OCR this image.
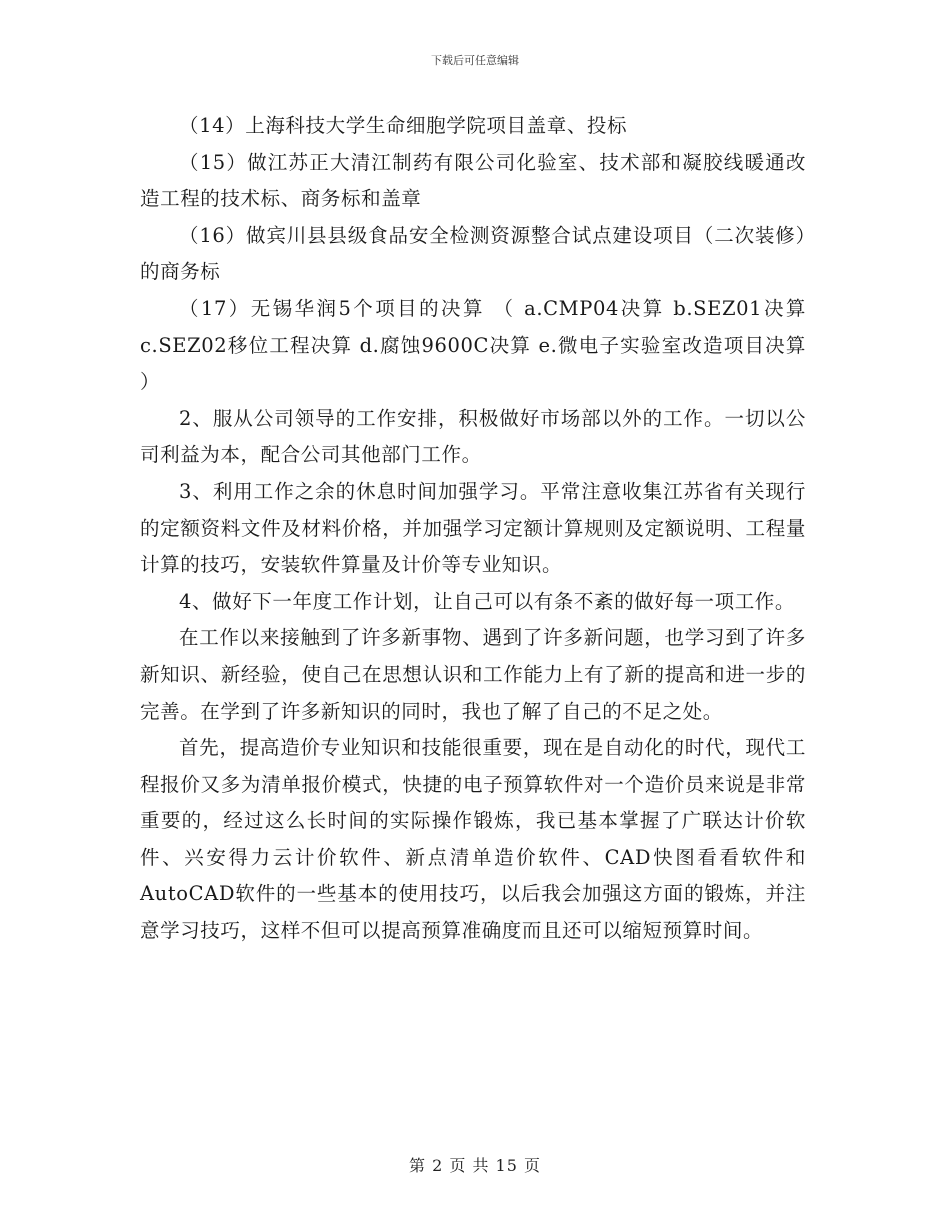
下载后可任意编辑

（14）上海科技大学生命细胞学院项目盖章、投标

（15）做江苏正大清江制药有限公司化验室、技术部和凝胶线暖通改造工程的技术标、商务标和盖章

（16）做宾川县县级食品安全检测资源整合试点建设项目（二次装修）的商务标

（17）无锡华润5个项目的决算 （ a.CMP04决算 b.SEZ01决算 c.SEZ02移位工程决算 d.腐蚀9600C决算 e.微电子实验室改造项目决算 ）

2、服从公司领导的工作安排，积极做好市场部以外的工作。一切以公司利益为本，配合公司其他部门工作。

3、利用工作之余的休息时间加强学习。平常注意收集江苏省有关现行的定额资料文件及材料价格，并加强学习定额计算规则及定额说明、工程量计算的技巧，安装软件算量及计价等专业知识。

4、做好下一年度工作计划，让自己可以有条不紊的做好每一项工作。

在工作以来接触到了许多新事物、遇到了许多新问题，也学习到了许多新知识、新经验，使自己在思想认识和工作能力上有了新的提高和进一步的完善。在学到了许多新知识的同时，我也了解了自己的不足之处。

首先，提高造价专业知识和技能很重要，现在是自动化的时代，现代工程报价又多为清单报价模式，快捷的电子预算软件对一个造价员来说是非常重要的，经过这么长时间的实际操作锻炼，我已基本掌握了广联达计价软件、兴安得力云计价软件、新点清单造价软件、CAD快图看看软件和AutoCAD软件的一些基本的使用技巧，以后我会加强这方面的锻炼，并注意学习技巧，这样不但可以提高预算准确度而且还可以缩短预算时间。

第 2 页 共 15 页
